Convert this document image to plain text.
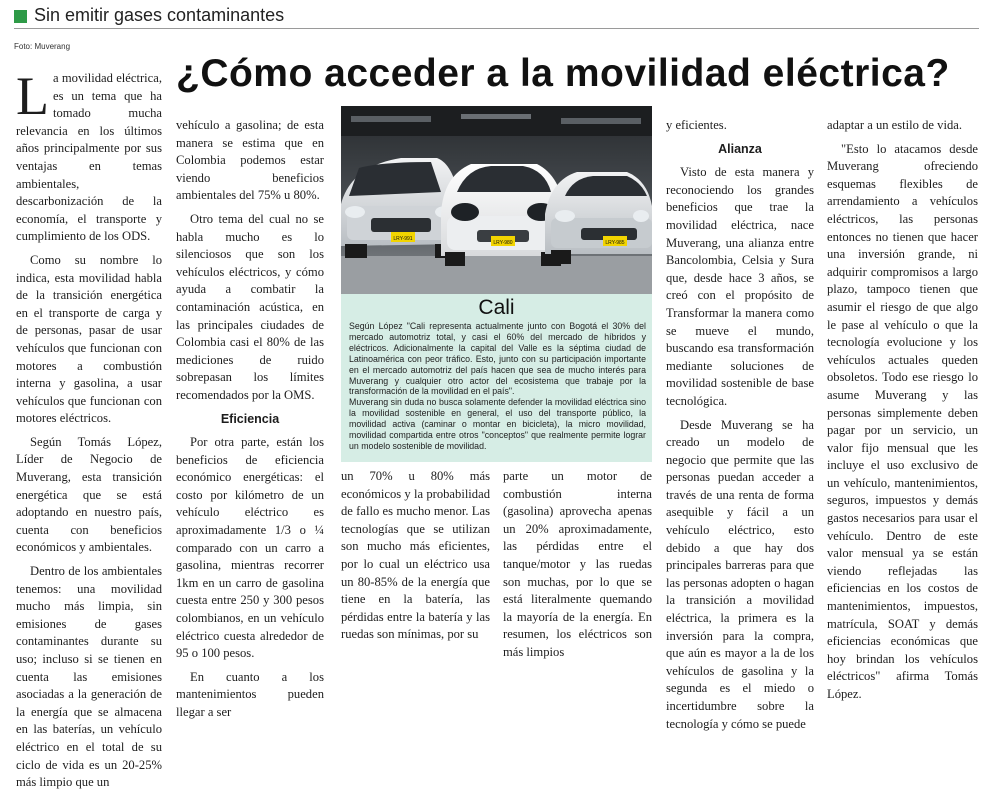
Sin emitir gases contaminantes
Foto: Muverang
¿Cómo acceder a la movilidad eléctrica?

La movilidad eléctrica, es un tema que ha tomado mucha relevancia en los últimos años principalmente por sus ventajas en temas ambientales, descarbonización de la economía, el transporte y cumplimiento de los ODS.

Como su nombre lo indica, esta movilidad habla de la transición energética en el transporte de carga y de personas, pasar de usar vehículos que funcionan con motores a combustión interna y gasolina, a usar vehículos que funcionan con motores eléctricos.

Según Tomás López, Líder de Negocio de Muverang, esta transición energética que se está adoptando en nuestro país, cuenta con beneficios económicos y ambientales.

Dentro de los ambientales tenemos: una movilidad mucho más limpia, sin emisiones de gases contaminantes durante su uso; incluso si se tienen en cuenta las emisiones asociadas a la generación de la energía que se almacena en las baterías, un vehículo eléctrico en el total de su ciclo de vida es un 20-25% más limpio que un

vehículo a gasolina; de esta manera se estima que en Colombia podemos estar viendo beneficios ambientales del 75% u 80%.

Otro tema del cual no se habla mucho es lo silenciosos que son los vehículos eléctricos, y cómo ayuda a combatir la contaminación acústica, en las principales ciudades de Colombia casi el 80% de las mediciones de ruido sobrepasan los límites recomendados por la OMS.

Eficiencia

Por otra parte, están los beneficios de eficiencia económico energéticas: el costo por kilómetro de un vehículo eléctrico es aproximadamente 1/3 o ¼ comparado con un carro a gasolina, mientras recorrer 1km en un carro de gasolina cuesta entre 250 y 300 pesos colombianos, en un vehículo eléctrico cuesta alrededor de 95 o 100 pesos.

En cuanto a los mantenimientos pueden llegar a ser

LRY-991
LRY-980	LRY-985
Cali

Según López "Cali representa actualmente junto con Bogotá el 30% del mercado automotriz total, y casi el 60% del mercado de híbridos y eléctricos. Adicionalmente la capital del Valle es la séptima ciudad de Latinoamérica con peor tráfico. Esto, junto con su participación importante en el mercado automotriz del país hacen que sea de mucho interés para Muverang y cualquier otro actor del ecosistema que trabaje por la transformación de la movilidad en el país".

Muverang sin duda no busca solamente defender la movilidad eléctrica sino la movilidad sostenible en general, el uso del transporte público, la movilidad activa (caminar o montar en bicicleta), la micro movilidad, movilidad compartida entre otros "conceptos" que realmente permite lograr un modelo sostenible de movilidad.

un 70% u 80% más económicos y la probabilidad de fallo es mucho menor. Las tecnologías que se utilizan son mucho más eficientes, por lo cual un eléctrico usa un 80-85% de la energía que tiene en la batería, las pérdidas entre la batería y las ruedas son mínimas, por su

parte un motor de combustión interna (gasolina) aprovecha apenas un 20% aproximadamente, las pérdidas entre el tanque/motor y las ruedas son muchas, por lo que se está literalmente quemando la mayoría de la energía. En resumen, los eléctricos son más limpios

y eficientes.

Alianza

Visto de esta manera y reconociendo los grandes beneficios que trae la movilidad eléctrica, nace Muverang, una alianza entre Bancolombia, Celsia y Sura que, desde hace 3 años, se creó con el propósito de Transformar la manera como se mueve el mundo, buscando esa transformación mediante soluciones de movilidad sostenible de base tecnológica.

Desde Muverang se ha creado un modelo de negocio que permite que las personas puedan acceder a través de una renta de forma asequible y fácil a un vehículo eléctrico, esto debido a que hay dos principales barreras para que las personas adopten o hagan la transición a movilidad eléctrica, la primera es la inversión para la compra, que aún es mayor a la de los vehículos de gasolina y la segunda es el miedo o incertidumbre sobre la tecnología y cómo se puede

adaptar a un estilo de vida.

"Esto lo atacamos desde Muverang ofreciendo esquemas flexibles de arrendamiento a vehículos eléctricos, las personas entonces no tienen que hacer una inversión grande, ni adquirir compromisos a largo plazo, tampoco tienen que asumir el riesgo de que algo le pase al vehículo o que la tecnología evolucione y los vehículos actuales queden obsoletos. Todo ese riesgo lo asume Muverang y las personas simplemente deben pagar por un servicio, un valor fijo mensual que les incluye el uso exclusivo de un vehículo, mantenimientos, seguros, impuestos y demás gastos necesarios para usar el vehículo. Dentro de este valor mensual ya se están viendo reflejadas las eficiencias en los costos de mantenimientos, impuestos, matrícula, SOAT y demás eficiencias económicas que hoy brindan los vehículos eléctricos" afirma Tomás López.
